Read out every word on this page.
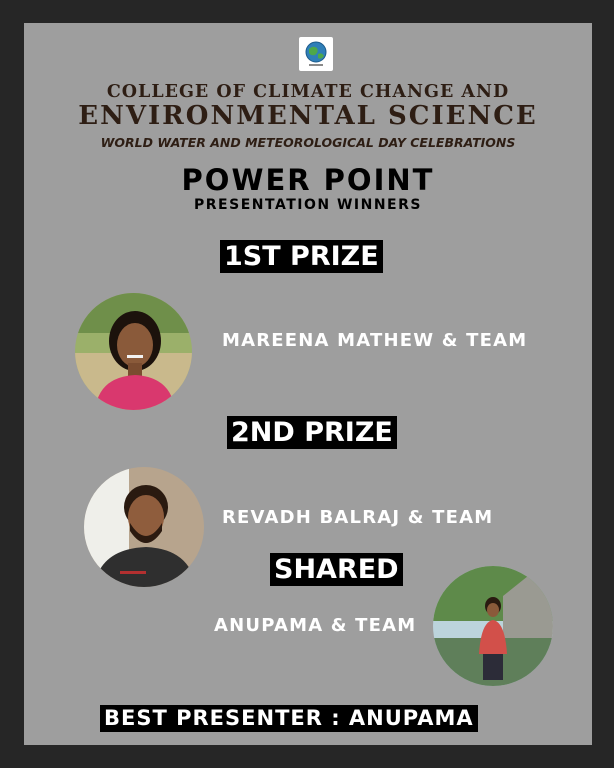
COLLEGE OF CLIMATE CHANGE AND
ENVIRONMENTAL SCIENCE
WORLD WATER AND METEOROLOGICAL DAY CELEBRATIONS
POWER POINT
PRESENTATION WINNERS
1ST PRIZE
MAREENA MATHEW & TEAM
2ND PRIZE
REVADH BALRAJ & TEAM
SHARED
ANUPAMA & TEAM
BEST PRESENTER : ANUPAMA
